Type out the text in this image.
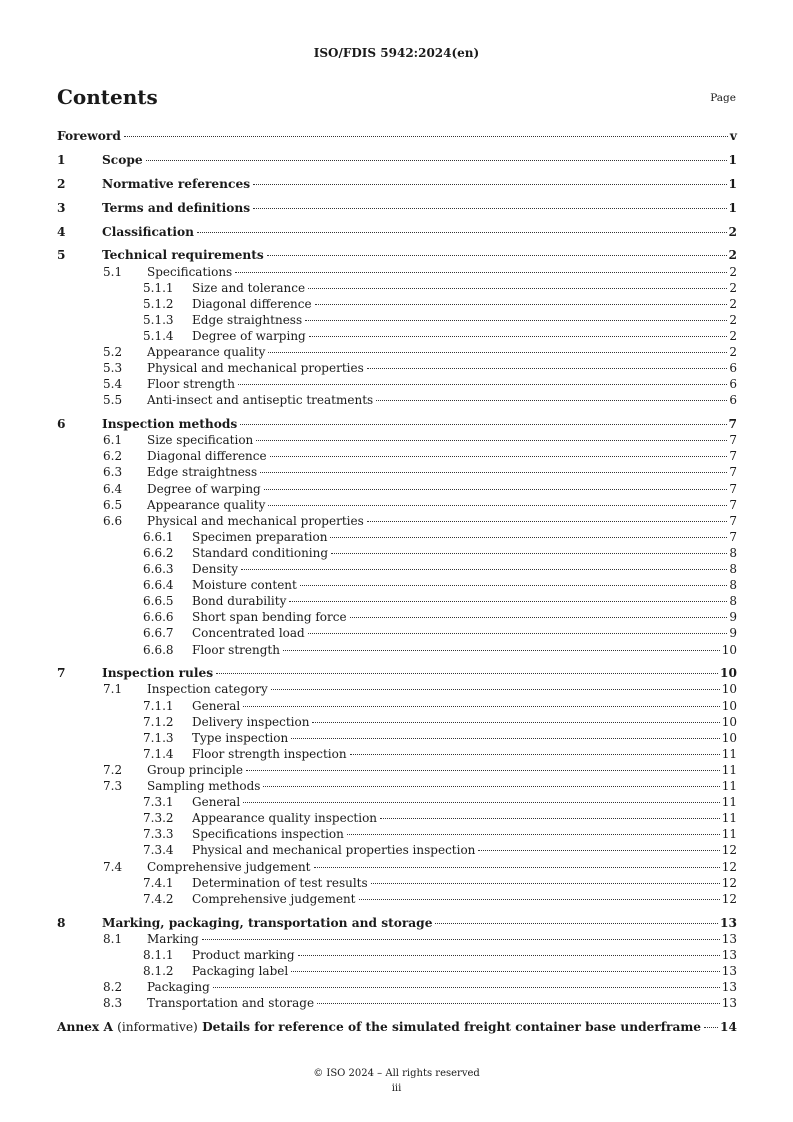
ISO/FDIS 5942:2024(en)
Contents	Page
Foreword	v
1	Scope	1
2	Normative references	1
3	Terms and definitions	1
4	Classification	2
5	Technical requirements	2
5.1 Specifications	2
5.1.1 Size and tolerance	2
5.1.2 Diagonal difference	2
5.1.3 Edge straightness	2
5.1.4 Degree of warping	2
5.2 Appearance quality	2
5.3 Physical and mechanical properties	6
5.4 Floor strength	6
5.5 Anti-insect and antiseptic treatments	6
6	Inspection methods	7
6.1 Size specification	7
6.2 Diagonal difference	7
6.3 Edge straightness	7
6.4 Degree of warping	7
6.5 Appearance quality	7
6.6 Physical and mechanical properties	7
6.6.1 Specimen preparation	7
6.6.2 Standard conditioning	8
6.6.3 Density	8
6.6.4 Moisture content	8
6.6.5 Bond durability	8
6.6.6 Short span bending force	9
6.6.7 Concentrated load	9
6.6.8 Floor strength	10
7	Inspection rules	10
7.1 Inspection category	10
7.1.1 General	10
7.1.2 Delivery inspection	10
7.1.3 Type inspection	10
7.1.4 Floor strength inspection	11
7.2 Group principle	11
7.3 Sampling methods	11
7.3.1 General	11
7.3.2 Appearance quality inspection	11
7.3.3 Specifications inspection	11
7.3.4 Physical and mechanical properties inspection	12
7.4 Comprehensive judgement	12
7.4.1 Determination of test results	12
7.4.2 Comprehensive judgement	12
8	Marking, packaging, transportation and storage	13
8.1 Marking	13
8.1.1 Product marking	13
8.1.2 Packaging label	13
8.2 Packaging	13
8.3 Transportation and storage	13
Annex A (informative) Details for reference of the simulated freight container base underframe 14
© ISO 2024 – All rights reserved
iii
